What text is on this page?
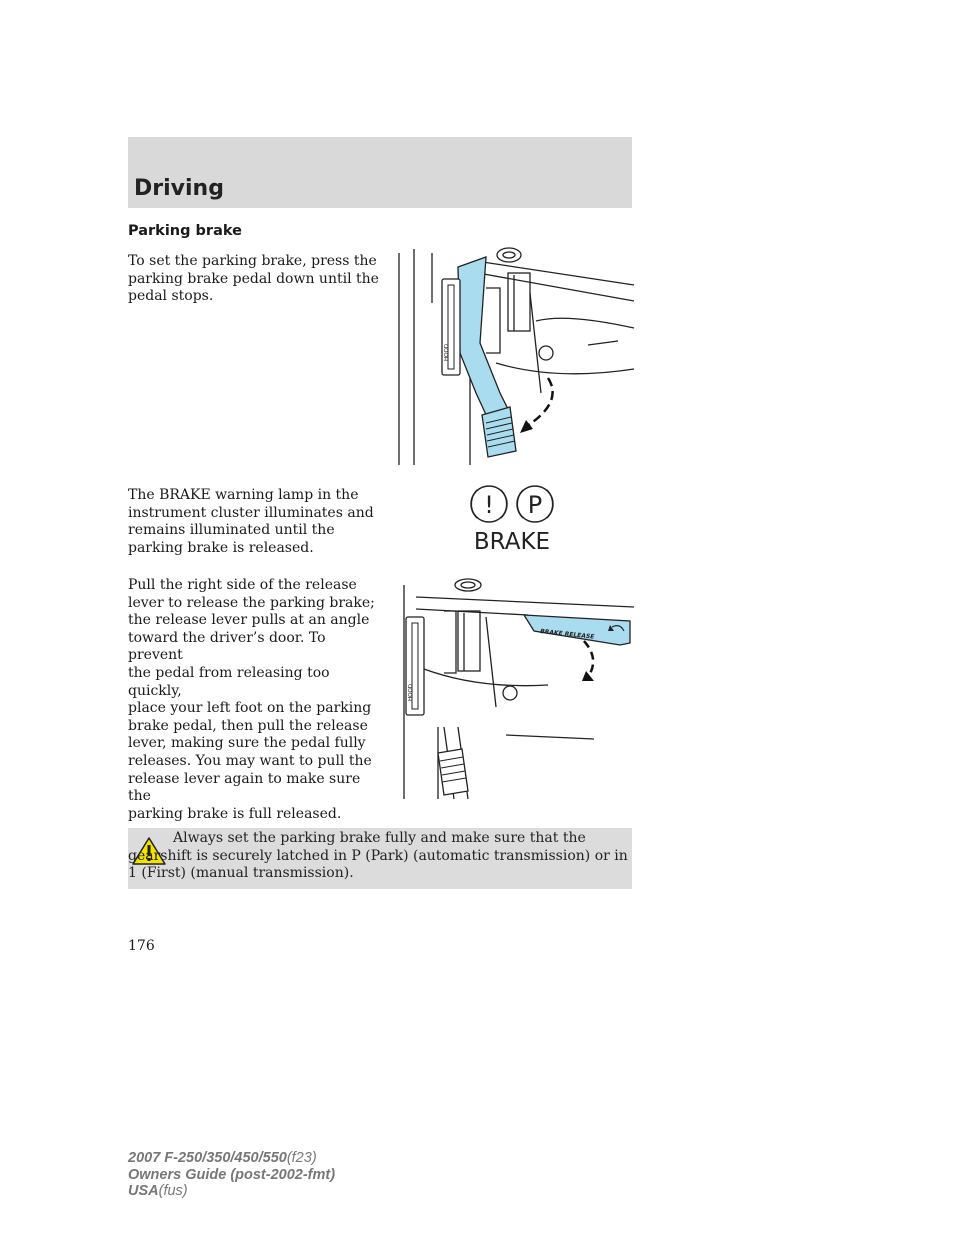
Driving
Parking brake

To set the parking brake, press the
parking brake pedal down until the
pedal stops.

HOOD

The BRAKE warning lamp in the
instrument cluster illuminates and
remains illuminated until the
parking brake is released.

! P
BRAKE

Pull the right side of the release
lever to release the parking brake;
the release lever pulls at an angle
toward the driver’s door. To prevent
the pedal from releasing too quickly,
place your left foot on the parking
brake pedal, then pull the release
lever, making sure the pedal fully
releases. You may want to pull the
release lever again to make sure the
parking brake is full released.

BRAKE RELEASE
HOOD

Always set the parking brake fully and make sure that the gearshift is securely latched in P (Park) (automatic transmission) or in 1 (First) (manual transmission).

176

2007 F-250/350/450/550(f23)
Owners Guide (post-2002-fmt)
USA(fus)
